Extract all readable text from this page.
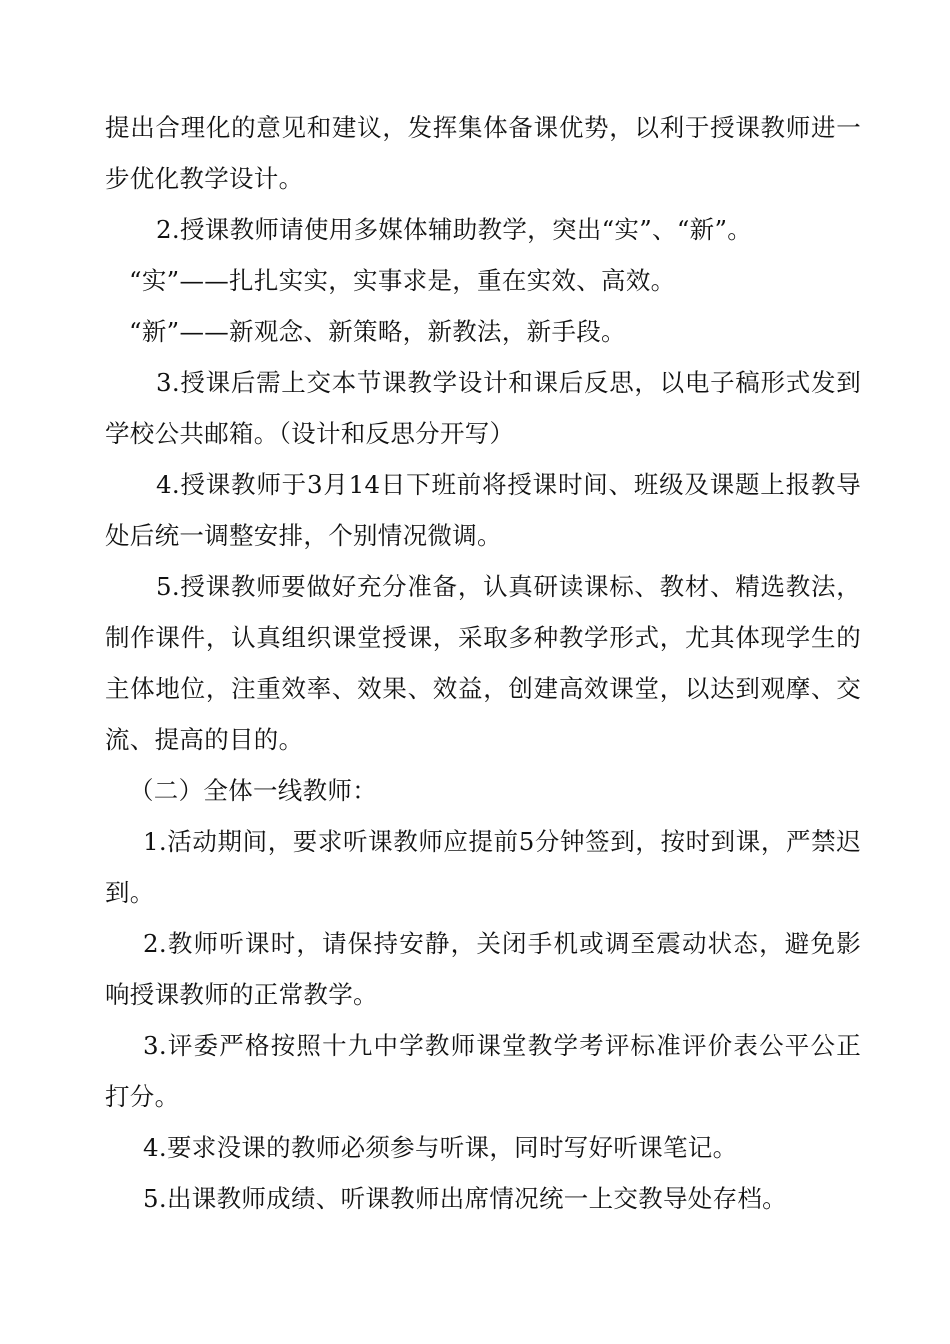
提出合理化的意见和建议，发挥集体备课优势，以利于授课教师进一步优化教学设计。

2.授课教师请使用多媒体辅助教学，突出“实”、“新”。

“实”——扎扎实实，实事求是，重在实效、高效。

“新”——新观念、新策略，新教法，新手段。

3.授课后需上交本节课教学设计和课后反思，以电子稿形式发到学校公共邮箱。（设计和反思分开写）

4.授课教师于3月14日下班前将授课时间、班级及课题上报教导处后统一调整安排，个别情况微调。

5.授课教师要做好充分准备，认真研读课标、教材、精选教法，制作课件，认真组织课堂授课，采取多种教学形式，尤其体现学生的主体地位，注重效率、效果、效益，创建高效课堂，以达到观摩、交流、提高的目的。

（二）全体一线教师：

1.活动期间，要求听课教师应提前5分钟签到，按时到课，严禁迟到。

2.教师听课时，请保持安静，关闭手机或调至震动状态，避免影响授课教师的正常教学。

3.评委严格按照十九中学教师课堂教学考评标准评价表公平公正打分。

4.要求没课的教师必须参与听课，同时写好听课笔记。

5.出课教师成绩、听课教师出席情况统一上交教导处存档。
